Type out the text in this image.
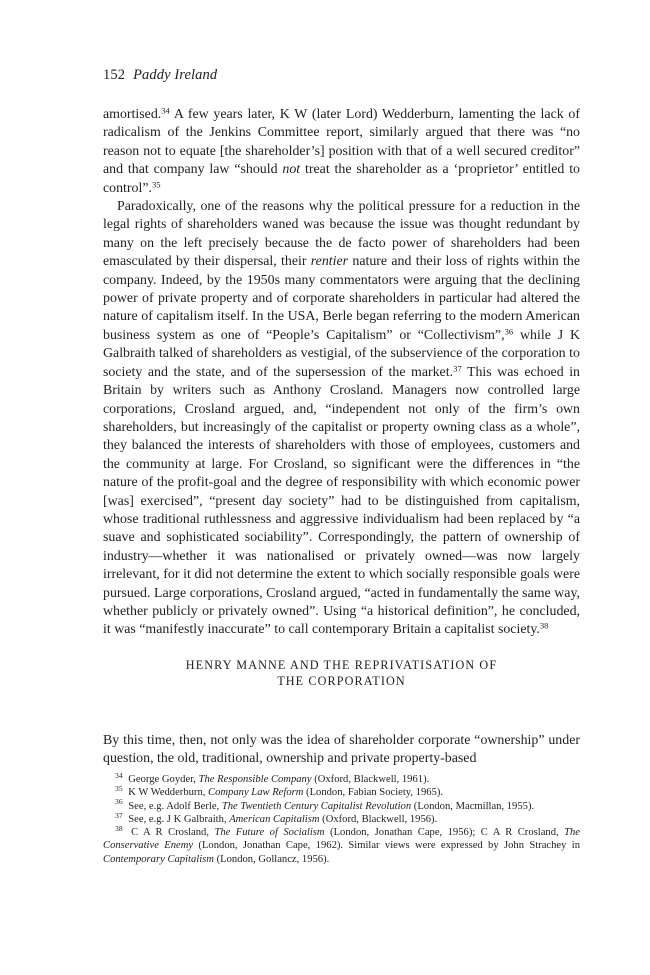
152 Paddy Ireland

amortised.$^{34}$ A few years later, K W (later Lord) Wedderburn, lamenting the lack of radicalism of the Jenkins Committee report, similarly argued that there was “no reason not to equate [the shareholder’s] position with that of a well secured creditor” and that company law “should not treat the shareholder as a ‘proprietor’ entitled to control”.$^{35}$

Paradoxically, one of the reasons why the political pressure for a reduction in the legal rights of shareholders waned was because the issue was thought redundant by many on the left precisely because the de facto power of shareholders had been emasculated by their dispersal, their rentier nature and their loss of rights within the company. Indeed, by the 1950s many commentators were arguing that the declining power of private property and of corporate shareholders in particular had altered the nature of capitalism itself. In the USA, Berle began referring to the modern American business system as one of “People’s Capitalism” or “Collectivism”,$^{36}$ while J K Galbraith talked of shareholders as vestigial, of the subservience of the corporation to society and the state, and of the supersession of the market.$^{37}$ This was echoed in Britain by writers such as Anthony Crosland. Managers now controlled large corporations, Crosland argued, and, “independent not only of the firm’s own shareholders, but increasingly of the capitalist or property owning class as a whole”, they balanced the interests of shareholders with those of employees, customers and the community at large. For Crosland, so significant were the differences in “the nature of the profit-goal and the degree of responsibility with which economic power [was] exercised”, “present day society” had to be distinguished from capitalism, whose traditional ruthlessness and aggressive individualism had been replaced by “a suave and sophisticated sociability”. Correspondingly, the pattern of ownership of industry—whether it was nationalised or privately owned—was now largely irrelevant, for it did not determine the extent to which socially responsible goals were pursued. Large corporations, Crosland argued, “acted in fundamentally the same way, whether publicly or privately owned”. Using “a historical definition”, he concluded, it was “manifestly inaccurate” to call contemporary Britain a capitalist society.$^{38}$

HENRY MANNE AND THE REPRIVATISATION OF
THE CORPORATION

By this time, then, not only was the idea of shareholder corporate “ownership” under question, the old, traditional, ownership and private property-based

$^{34}$ George Goyder, The Responsible Company (Oxford, Blackwell, 1961).

$^{35}$ K W Wedderburn, Company Law Reform (London, Fabian Society, 1965).

$^{36}$ See, e.g. Adolf Berle, The Twentieth Century Capitalist Revolution (London, Macmillan, 1955).

$^{37}$ See, e.g. J K Galbraith, American Capitalism (Oxford, Blackwell, 1956).

$^{38}$ C A R Crosland, The Future of Socialism (London, Jonathan Cape, 1956); C A R Crosland, The Conservative Enemy (London, Jonathan Cape, 1962). Similar views were expressed by John Strachey in Contemporary Capitalism (London, Gollancz, 1956).
